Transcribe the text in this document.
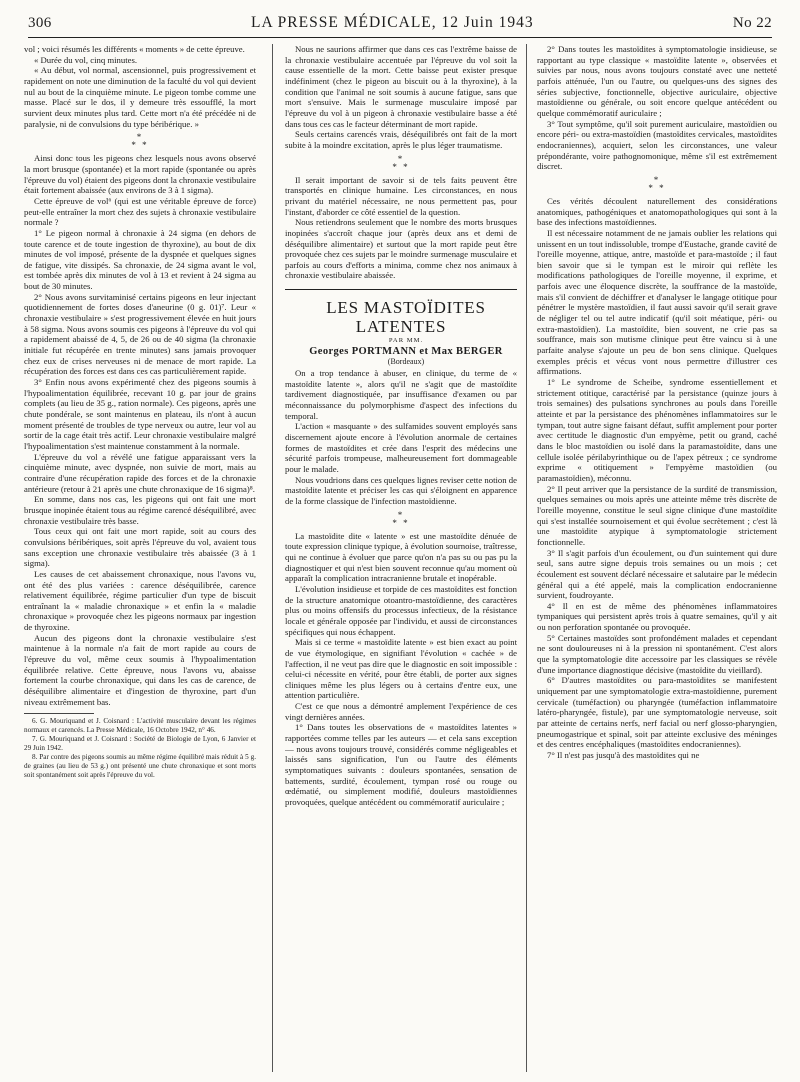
306	LA PRESSE MÉDICALE, 12 Juin 1943	No 22

vol ; voici résumés les différents « moments » de cette épreuve.

« Durée du vol, cinq minutes.

« Au début, vol normal, ascensionnel, puis progressivement et rapidement on note une diminution de la faculté du vol qui devient nul au bout de la cinquième minute. Le pigeon tombe comme une masse. Placé sur le dos, il y demeure très essoufflé, la mort survient deux minutes plus tard. Cette mort n'a été précédée ni de paralysie, ni de convulsions du type béribérique. »

*
* *

Ainsi donc tous les pigeons chez lesquels nous avons observé la mort brusque (spontanée) et la mort rapide (spontanée ou après l'épreuve du vol) étaient des pigeons dont la chronaxie vestibulaire était fortement abaissée (aux environs de 3 à 1 sigma).

Cette épreuve de vol⁶ (qui est une véritable épreuve de force) peut-elle entraîner la mort chez des sujets à chronaxie vestibulaire normale ?

1° Le pigeon normal à chronaxie à 24 sigma (en dehors de toute carence et de toute ingestion de thyroxine), au bout de dix minutes de vol imposé, présente de la dyspnée et quelques signes de fatigue, vite dissipés. Sa chronaxie, de 24 sigma avant le vol, est tombée après dix minutes de vol à 13 et revient à 24 sigma au bout de 30 minutes.

2° Nous avons survitaminisé certains pigeons en leur injectant quotidiennement de fortes doses d'aneurine (0 g. 01)⁷. Leur « chronaxie vestibulaire » s'est progressivement élevée en huit jours à 58 sigma. Nous avons soumis ces pigeons à l'épreuve du vol qui a rapidement abaissé de 4, 5, de 26 ou de 40 sigma (la chronaxie initiale fut récupérée en trente minutes) sans jamais provoquer chez eux de crises nerveuses ni de menace de mort rapide. La récupération des forces est dans ces cas particulièrement rapide.

3° Enfin nous avons expérimenté chez des pigeons soumis à l'hypoalimentation équilibrée, recevant 10 g. par jour de grains complets (au lieu de 35 g., ration normale). Ces pigeons, après une chute pondérale, se sont maintenus en plateau, ils n'ont à aucun moment présenté de troubles de type nerveux ou autre, leur vol au sortir de la cage était très actif. Leur chronaxie vestibulaire malgré l'hypoalimentation s'est maintenue constamment à la normale.

L'épreuve du vol a révélé une fatigue apparaissant vers la cinquième minute, avec dyspnée, non suivie de mort, mais au contraire d'une récupération rapide des forces et de la chronaxie antérieure (retour à 21 après une chute chronaxique de 16 sigma)⁸.

En somme, dans nos cas, les pigeons qui ont fait une mort brusque inopinée étaient tous au régime carencé déséquilibré, avec chronaxie vestibulaire très basse.

Tous ceux qui ont fait une mort rapide, soit au cours des convulsions béribériques, soit après l'épreuve du vol, avaient tous sans exception une chronaxie vestibulaire très abaissée (3 à 1 sigma).

Les causes de cet abaissement chronaxique, nous l'avons vu, ont été des plus variées : carence déséquilibrée, carence relativement équilibrée, régime particulier d'un type de biscuit entraînant la « maladie chronaxique » et enfin la « maladie chronaxique » provoquée chez les pigeons normaux par ingestion de thyroxine.

Aucun des pigeons dont la chronaxie vestibulaire s'est maintenue à la normale n'a fait de mort rapide au cours de l'épreuve du vol, même ceux soumis à l'hypoalimentation équilibrée relative. Cette épreuve, nous l'avons vu, abaisse fortement la courbe chronaxique, qui dans les cas de carence, de déséquilibre alimentaire et d'ingestion de thyroxine, part d'un niveau extrêmement bas.

6. G. Mouriquand et J. Coisnard : L'activité musculaire devant les régimes normaux et carencés. La Presse Médicale, 16 Octobre 1942, n° 46.

7. G. Mouriquand et J. Coisnard : Société de Biologie de Lyon, 6 Janvier et 29 Juin 1942.

8. Par contre des pigeons soumis au même régime équilibré mais réduit à 5 g. de graines (au lieu de 53 g.) ont présenté une chute chronaxique et sont morts soit spontanément soit après l'épreuve du vol.

Nous ne saurions affirmer que dans ces cas l'extrême baisse de la chronaxie vestibulaire accentuée par l'épreuve du vol soit la cause essentielle de la mort. Cette baisse peut exister presque indéfiniment (chez le pigeon au biscuit ou à la thyroxine), à la condition que l'animal ne soit soumis à aucune fatigue, sans que mort s'ensuive. Mais le surmenage musculaire imposé par l'épreuve du vol à un pigeon à chronaxie vestibulaire basse a été dans tous ces cas le facteur déterminant de mort rapide.

Seuls certains carencés vrais, déséquilibrés ont fait de la mort subite à la moindre excitation, après le plus léger traumatisme.

*
* *

Il serait important de savoir si de tels faits peuvent être transportés en clinique humaine. Les circonstances, en nous privant du matériel nécessaire, ne nous permettent pas, pour l'instant, d'aborder ce côté essentiel de la question.

Nous retiendrons seulement que le nombre des morts brusques inopinées s'accroît chaque jour (après deux ans et demi de déséquilibre alimentaire) et surtout que la mort rapide peut être provoquée chez ces sujets par le moindre surmenage musculaire et parfois au cours d'efforts a minima, comme chez nos animaux à chronaxie vestibulaire abaissée.

LES MASTOÏDITES LATENTES

PAR MM.

Georges PORTMANN et Max BERGER

(Bordeaux)

On a trop tendance à abuser, en clinique, du terme de « mastoïdite latente », alors qu'il ne s'agit que de mastoïdite tardivement diagnostiquée, par insuffisance d'examen ou par méconnaissance du polymorphisme d'aspect des infections du temporal.

L'action « masquante » des sulfamides souvent employés sans discernement ajoute encore à l'évolution anormale de certaines formes de mastoïdites et crée dans l'esprit des médecins une sécurité parfois trompeuse, malheureusement fort dommageable pour le malade.

Nous voudrions dans ces quelques lignes reviser cette notion de mastoïdite latente et préciser les cas qui s'éloignent en apparence de la forme classique de l'infection mastoïdienne.

*
* *

La mastoïdite dite « latente » est une mastoïdite dénuée de toute expression clinique typique, à évolution sournoise, traîtresse, qui ne continue à évoluer que parce qu'on n'a pas su ou pas pu la diagnostiquer et qui n'est bien souvent reconnue qu'au moment où apparaît la complication intracranienne brutale et inopérable.

L'évolution insidieuse et torpide de ces mastoïdites est fonction de la structure anatomique otoantro-mastoïdienne, des caractères plus ou moins offensifs du processus infectieux, de la résistance locale et générale opposée par l'individu, et aussi de circonstances spécifiques qui nous échappent.

Mais si ce terme « mastoïdite latente » est bien exact au point de vue étymologique, en signifiant l'évolution « cachée » de l'affection, il ne veut pas dire que le diagnostic en soit impossible : celui-ci nécessite en vérité, pour être établi, de porter aux signes cliniques même les plus légers ou à certains d'entre eux, une attention particulière.

C'est ce que nous a démontré amplement l'expérience de ces vingt dernières années.

1° Dans toutes les observations de « mastoïdites latentes » rapportées comme telles par les auteurs — et cela sans exception — nous avons toujours trouvé, considérés comme négligeables et laissés sans signification, l'un ou l'autre des éléments symptomatiques suivants : douleurs spontanées, sensation de battements, surdité, écoulement, tympan rosé ou rouge ou œdématié, ou simplement modifié, douleurs mastoïdiennes provoquées, quelque antécédent ou commémoratif auriculaire ;

2° Dans toutes les mastoïdites à symptomatologie insidieuse, se rapportant au type classique « mastoïdite latente », observées et suivies par nous, nous avons toujours constaté avec une netteté parfois atténuée, l'un ou l'autre, ou quelques-uns des signes des séries subjective, fonctionnelle, objective auriculaire, objective mastoïdienne ou générale, ou soit encore quelque antécédent ou quelque commémoratif auriculaire ;

3° Tout symptôme, qu'il soit purement auriculaire, mastoïdien ou encore péri- ou extra-mastoïdien (mastoïdites cervicales, mastoïdites endocraniennes), acquiert, selon les circonstances, une valeur prépondérante, voire pathognomonique, même s'il est extrêmement discret.

*
* *

Ces vérités découlent naturellement des considérations anatomiques, pathogéniques et anatomopathologiques qui sont à la base des infections mastoïdiennes.

Il est nécessaire notamment de ne jamais oublier les relations qui unissent en un tout indissoluble, trompe d'Eustache, grande cavité de l'oreille moyenne, attique, antre, mastoïde et para-mastoïde ; il faut bien savoir que si le tympan est le miroir qui reflète les modifications pathologiques de l'oreille moyenne, il exprime, et parfois avec une éloquence discrète, la souffrance de la mastoïde, mais s'il convient de déchiffrer et d'analyser le langage otitique pour pénétrer le mystère mastoïdien, il faut aussi savoir qu'il serait grave de négliger tel ou tel autre indicatif (qu'il soit méatique, péri- ou extra-mastoïdien). La mastoïdite, bien souvent, ne crie pas sa souffrance, mais son mutisme clinique peut être vaincu si à une parfaite analyse s'ajoute un peu de bon sens clinique. Quelques exemples précis et vécus vont nous permettre d'illustrer ces affirmations.

1° Le syndrome de Scheibe, syndrome essentiellement et strictement otitique, caractérisé par la persistance (quinze jours à trois semaines) des pulsations synchrones au pouls dans l'oreille atteinte et par la persistance des phénomènes inflammatoires sur le tympan, tout autre signe faisant défaut, suffit amplement pour porter avec certitude le diagnostic d'un empyème, petit ou grand, caché dans le bloc mastoïdien ou isolé dans la paramastoïdite, dans une cellule isolée périlabyrinthique ou de l'apex pétreux ; ce syndrome exprime « otitiquement » l'empyème mastoïdien (ou paramastoïdien), méconnu.

2° Il peut arriver que la persistance de la surdité de transmission, quelques semaines ou mois après une atteinte même très discrète de l'oreille moyenne, constitue le seul signe clinique d'une mastoïdite qui s'est installée sournoisement et qui évolue secrètement ; c'est là une mastoïdite atypique à symptomatologie strictement fonctionnelle.

3° Il s'agit parfois d'un écoulement, ou d'un suintement qui dure seul, sans autre signe depuis trois semaines ou un mois ; cet écoulement est souvent déclaré nécessaire et salutaire par le médecin général qui a été appelé, mais la complication endocranienne survient, foudroyante.

4° Il en est de même des phénomènes inflammatoires tympaniques qui persistent après trois à quatre semaines, qu'il y ait ou non perforation spontanée ou provoquée.

5° Certaines mastoïdes sont profondément malades et cependant ne sont douloureuses ni à la pression ni spontanément. C'est alors que la symptomatologie dite accessoire par les classiques se révèle d'une importance diagnostique décisive (mastoïdite du vieillard).

6° D'autres mastoïdites ou para-mastoïdites se manifestent uniquement par une symptomatologie extra-mastoïdienne, purement cervicale (tuméfaction) ou pharyngée (tuméfaction inflammatoire latéro-pharyngée, fistule), par une symptomatologie nerveuse, soit par atteinte de certains nerfs, nerf facial ou nerf glosso-pharyngien, pneumogastrique et spinal, soit par atteinte exclusive des méninges et des centres encéphaliques (mastoïdites endocraniennes).

7° Il n'est pas jusqu'à des mastoïdites qui ne
